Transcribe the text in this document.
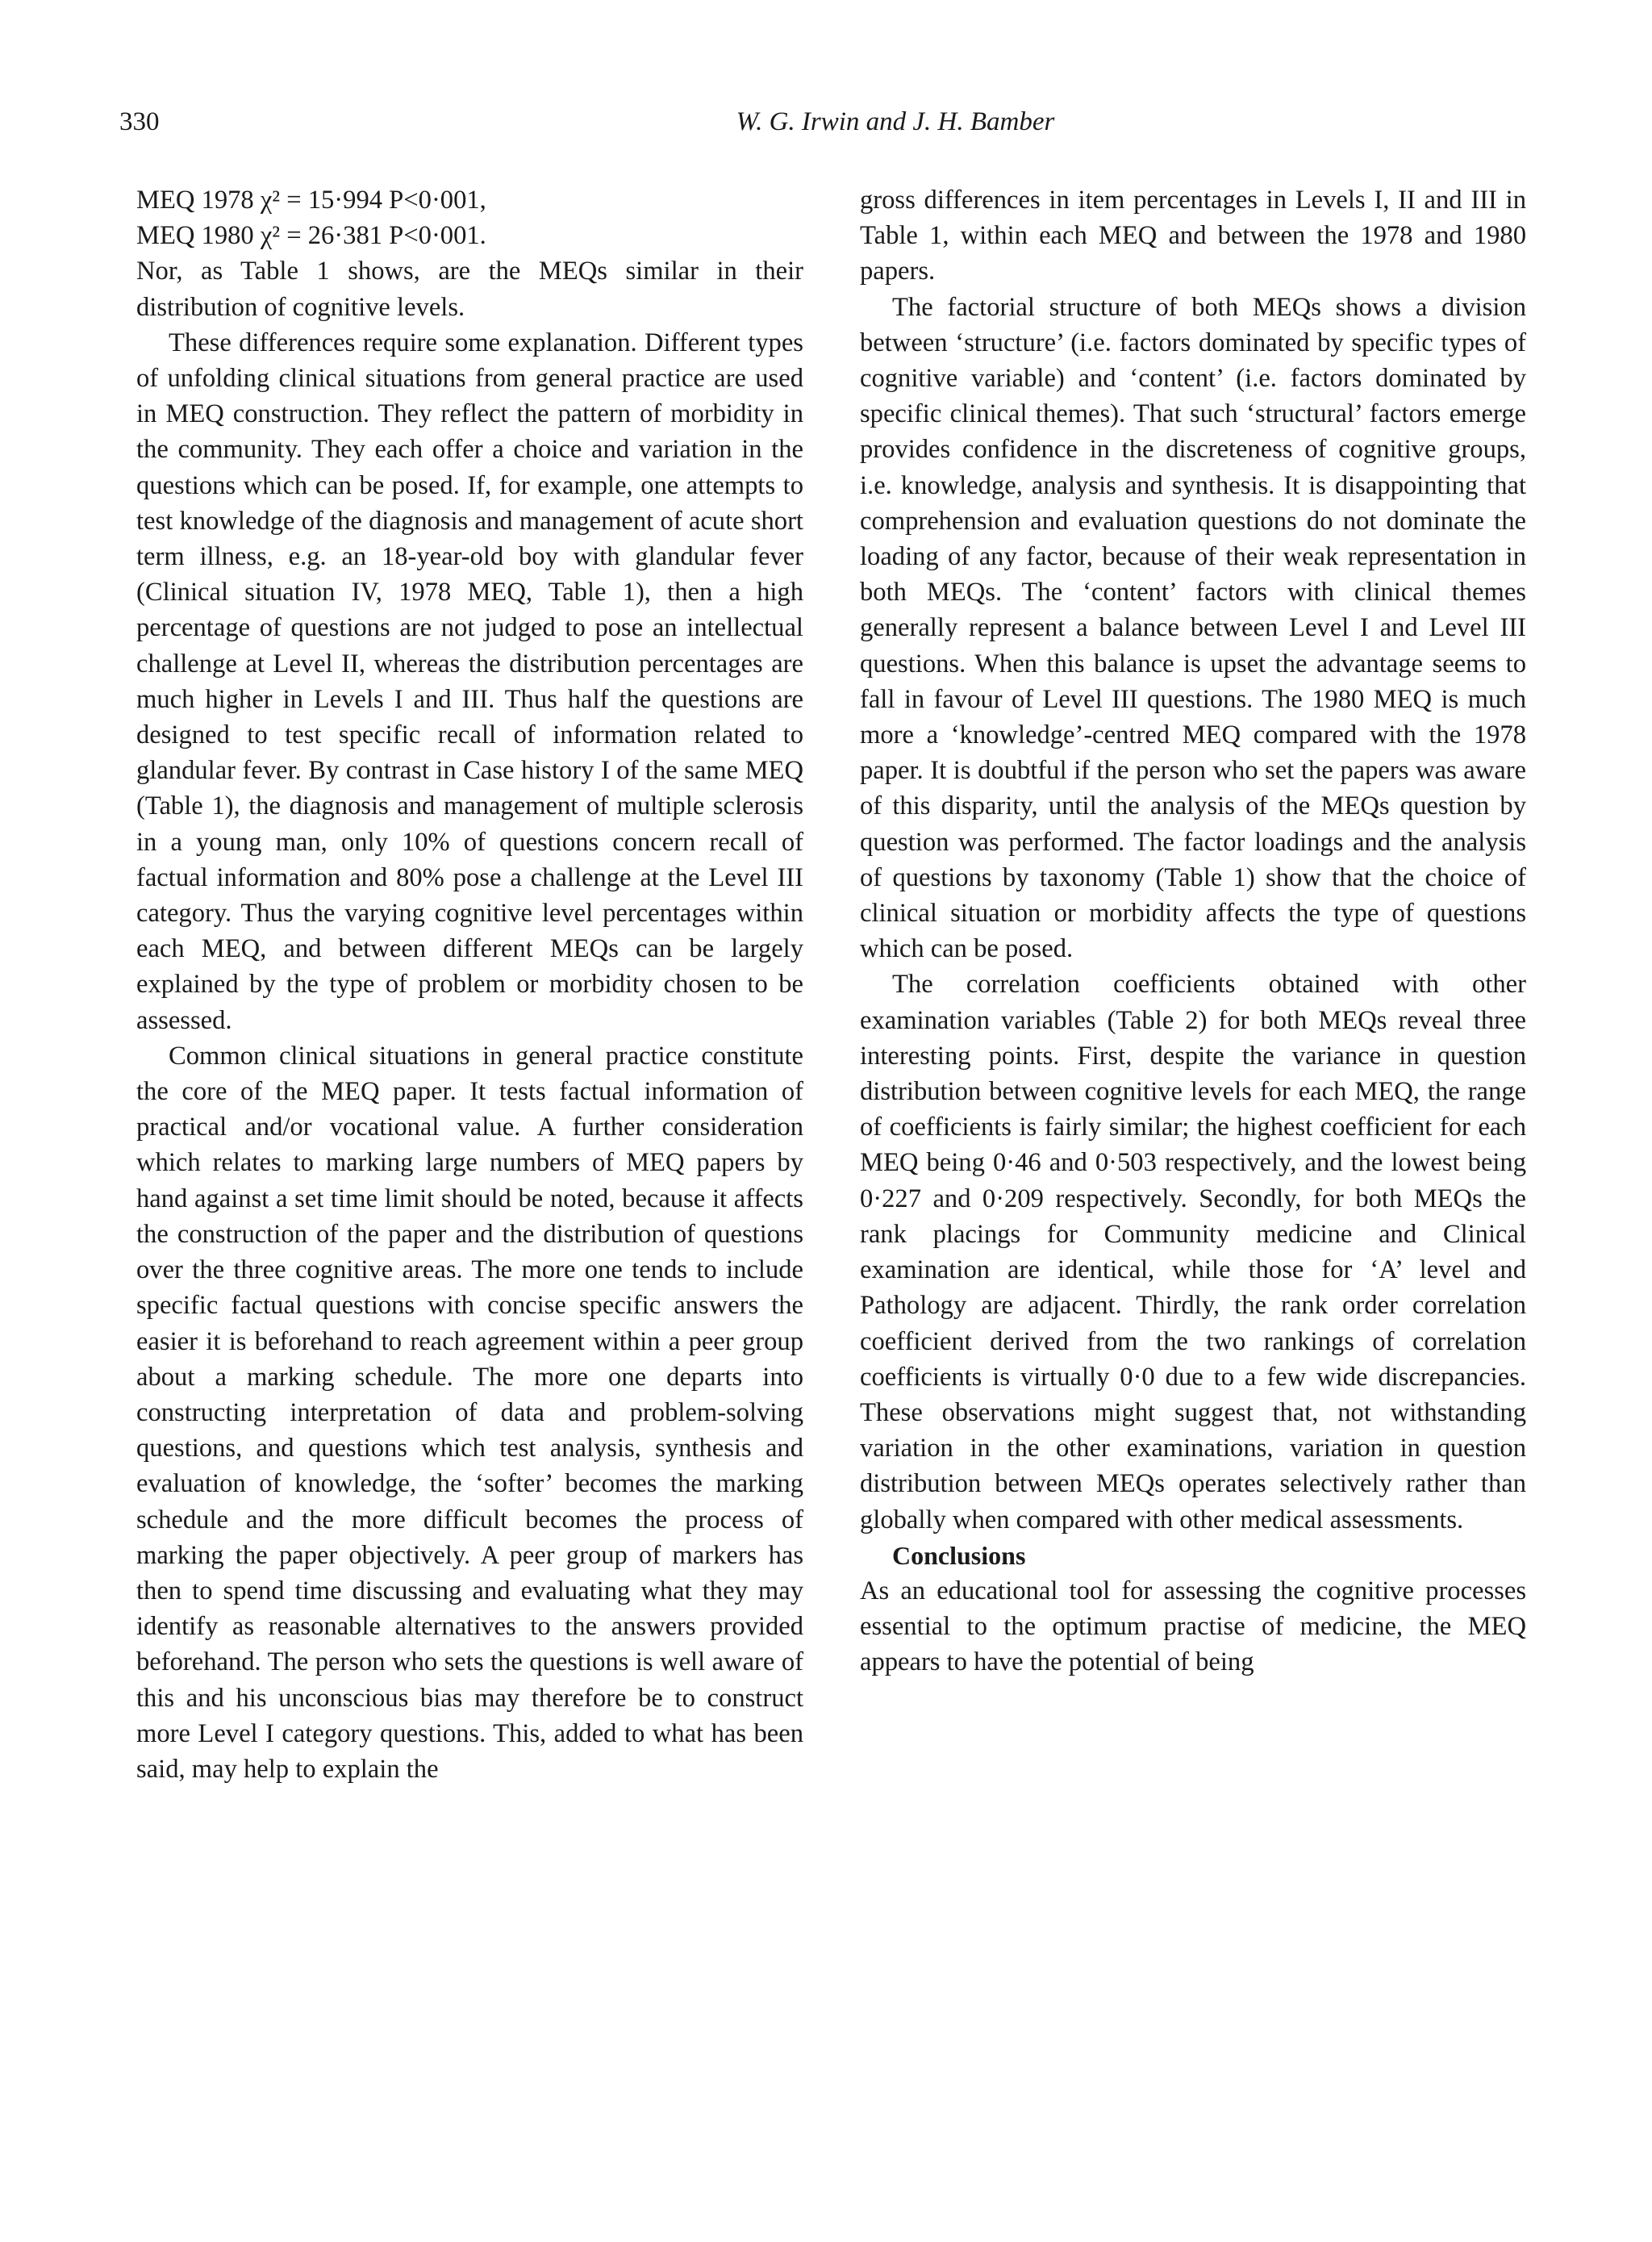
330	W. G. Irwin and J. H. Bamber

MEQ 1978 χ² = 15·994 P<0·001,

MEQ 1980 χ² = 26·381 P<0·001.

Nor, as Table 1 shows, are the MEQs similar in their distribution of cognitive levels.

These differences require some explanation. Different types of unfolding clinical situations from general practice are used in MEQ construction. They reflect the pattern of morbidity in the community. They each offer a choice and variation in the questions which can be posed. If, for example, one attempts to test knowledge of the diagnosis and management of acute short term illness, e.g. an 18-year-old boy with glandular fever (Clinical situation IV, 1978 MEQ, Table 1), then a high percentage of questions are not judged to pose an intellectual challenge at Level II, whereas the distribution percentages are much higher in Levels I and III. Thus half the questions are designed to test specific recall of information related to glandular fever. By contrast in Case history I of the same MEQ (Table 1), the diagnosis and management of multiple sclerosis in a young man, only 10% of questions concern recall of factual information and 80% pose a challenge at the Level III category. Thus the varying cognitive level percentages within each MEQ, and between different MEQs can be largely explained by the type of problem or morbidity chosen to be assessed.

Common clinical situations in general practice constitute the core of the MEQ paper. It tests factual information of practical and/or vocational value. A further consideration which relates to marking large numbers of MEQ papers by hand against a set time limit should be noted, because it affects the construction of the paper and the distribution of questions over the three cognitive areas. The more one tends to include specific factual questions with concise specific answers the easier it is beforehand to reach agreement within a peer group about a marking schedule. The more one departs into constructing interpretation of data and problem-solving questions, and questions which test analysis, synthesis and evaluation of knowledge, the ‘softer’ becomes the marking schedule and the more difficult becomes the process of marking the paper objectively. A peer group of markers has then to spend time discussing and evaluating what they may identify as reasonable alternatives to the answers provided beforehand. The person who sets the questions is well aware of this and his unconscious bias may therefore be to construct more Level I category questions. This, added to what has been said, may help to explain the

gross differences in item percentages in Levels I, II and III in Table 1, within each MEQ and between the 1978 and 1980 papers.

The factorial structure of both MEQs shows a division between ‘structure’ (i.e. factors dominated by specific types of cognitive variable) and ‘content’ (i.e. factors dominated by specific clinical themes). That such ‘structural’ factors emerge provides confidence in the discreteness of cognitive groups, i.e. knowledge, analysis and synthesis. It is disappointing that comprehension and evaluation questions do not dominate the loading of any factor, because of their weak representation in both MEQs. The ‘content’ factors with clinical themes generally represent a balance between Level I and Level III questions. When this balance is upset the advantage seems to fall in favour of Level III questions. The 1980 MEQ is much more a ‘knowledge’-centred MEQ compared with the 1978 paper. It is doubtful if the person who set the papers was aware of this disparity, until the analysis of the MEQs question by question was performed. The factor loadings and the analysis of questions by taxonomy (Table 1) show that the choice of clinical situation or morbidity affects the type of questions which can be posed.

The correlation coefficients obtained with other examination variables (Table 2) for both MEQs reveal three interesting points. First, despite the variance in question distribution between cognitive levels for each MEQ, the range of coefficients is fairly similar; the highest coefficient for each MEQ being 0·46 and 0·503 respectively, and the lowest being 0·227 and 0·209 respectively. Secondly, for both MEQs the rank placings for Community medicine and Clinical examination are identical, while those for ‘A’ level and Pathology are adjacent. Thirdly, the rank order correlation coefficient derived from the two rankings of correlation coefficients is virtually 0·0 due to a few wide discrepancies. These observations might suggest that, not withstanding variation in the other examinations, variation in question distribution between MEQs operates selectively rather than globally when compared with other medical assessments.

Conclusions

As an educational tool for assessing the cognitive processes essential to the optimum practise of medicine, the MEQ appears to have the potential of being
